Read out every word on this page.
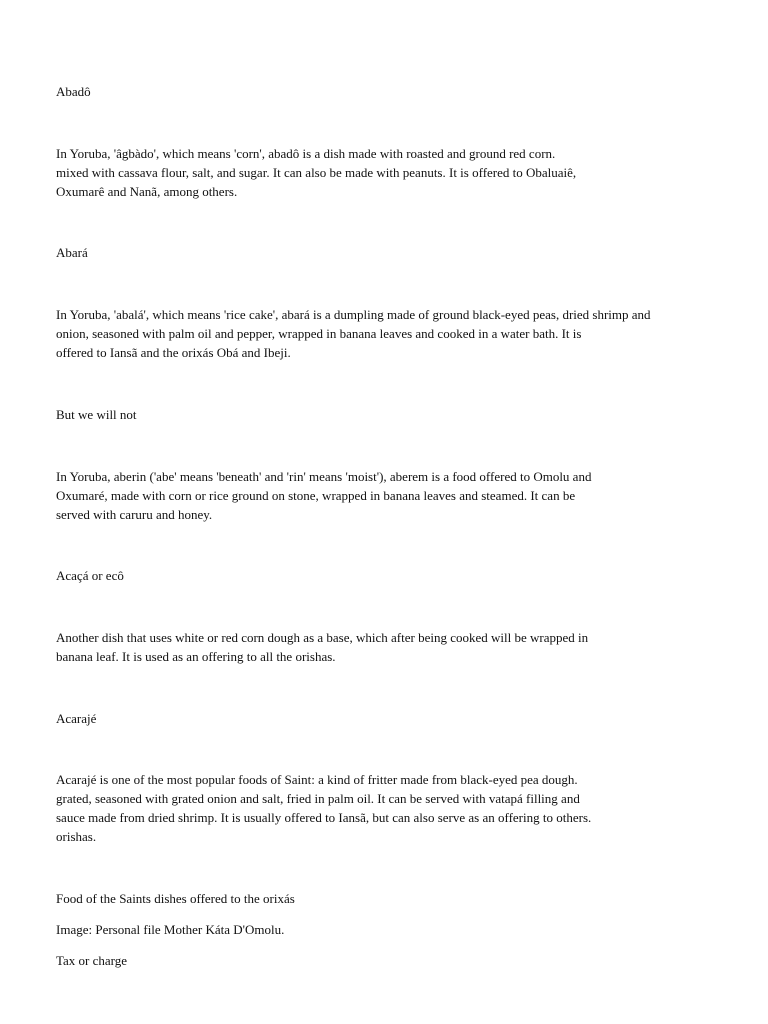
Abadô
In Yoruba, 'âgbàdo', which means 'corn', abadô is a dish made with roasted and ground red corn.
mixed with cassava flour, salt, and sugar. It can also be made with peanuts. It is offered to Obaluaiê,
Oxumarê and Nanã, among others.
Abará
In Yoruba, 'abalá', which means 'rice cake', abará is a dumpling made of ground black-eyed peas, dried shrimp and
onion, seasoned with palm oil and pepper, wrapped in banana leaves and cooked in a water bath. It is
offered to Iansã and the orixás Obá and Ibeji.
But we will not
In Yoruba, aberin ('abe' means 'beneath' and 'rin' means 'moist'), aberem is a food offered to Omolu and
Oxumaré, made with corn or rice ground on stone, wrapped in banana leaves and steamed. It can be
served with caruru and honey.
Acaçá or ecô
Another dish that uses white or red corn dough as a base, which after being cooked will be wrapped in
banana leaf. It is used as an offering to all the orishas.
Acarajé
Acarajé is one of the most popular foods of Saint: a kind of fritter made from black-eyed pea dough.
grated, seasoned with grated onion and salt, fried in palm oil. It can be served with vatapá filling and
sauce made from dried shrimp. It is usually offered to Iansã, but can also serve as an offering to others.
orishas.
Food of the Saints dishes offered to the orixás
Image: Personal file Mother Káta D'Omolu.
Tax or charge
